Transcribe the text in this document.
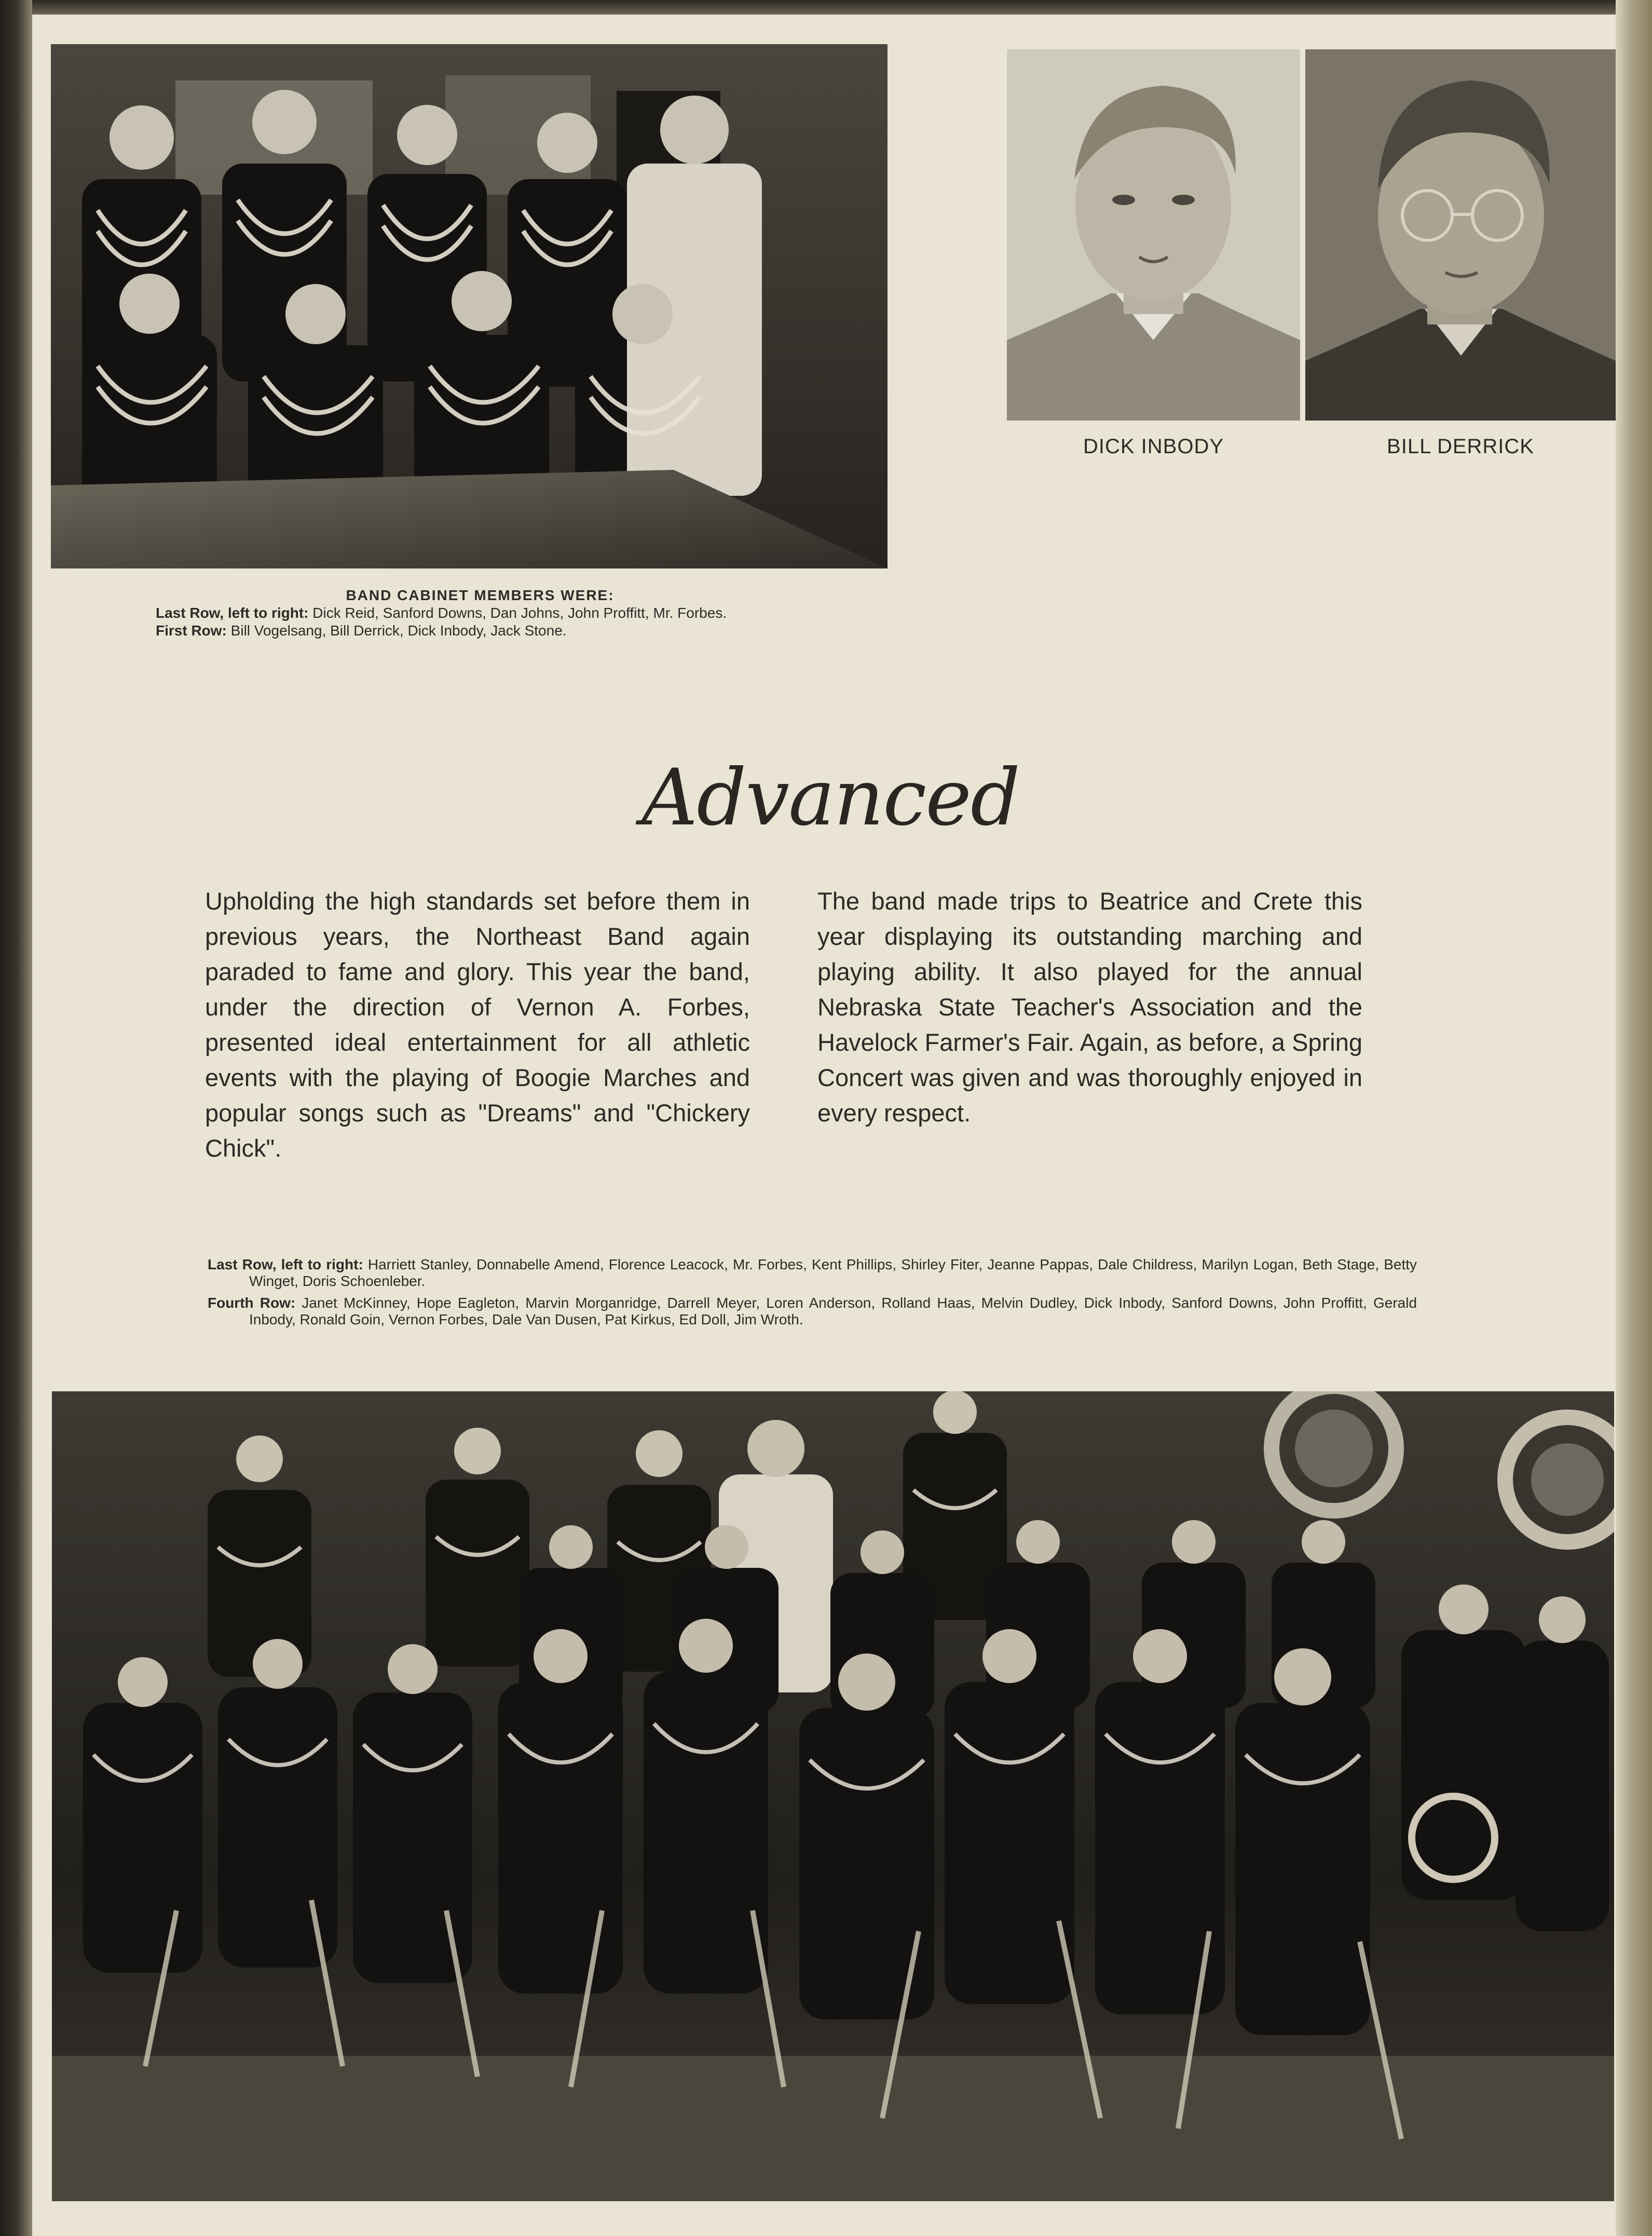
DICK INBODY	BILL DERRICK
BAND CABINET MEMBERS WERE:
Last Row, left to right: Dick Reid, Sanford Downs, Dan Johns, John Proffitt, Mr. Forbes.
First Row: Bill Vogelsang, Bill Derrick, Dick Inbody, Jack Stone.
Advanced
Upholding the high standards set before them in previous years, the Northeast Band again paraded to fame and glory. This year the band, under the direction of Vernon A. Forbes, presented ideal entertainment for all athletic events with the playing of Boogie Marches and popular songs such as "Dreams" and "Chickery Chick".
The band made trips to Beatrice and Crete this year displaying its outstanding marching and playing ability. It also played for the annual Nebraska State Teacher's Association and the Havelock Farmer's Fair. Again, as before, a Spring Concert was given and was thoroughly enjoyed in every respect.
Last Row, left to right: Harriett Stanley, Donnabelle Amend, Florence Leacock, Mr. Forbes, Kent Phillips, Shirley Fiter, Jeanne Pappas, Dale Childress, Marilyn Logan, Beth Stage, Betty Winget, Doris Schoenleber.
Fourth Row: Janet McKinney, Hope Eagleton, Marvin Morganridge, Darrell Meyer, Loren Anderson, Rolland Haas, Melvin Dudley, Dick Inbody, Sanford Downs, John Proffitt, Gerald Inbody, Ronald Goin, Vernon Forbes, Dale Van Dusen, Pat Kirkus, Ed Doll, Jim Wroth.
